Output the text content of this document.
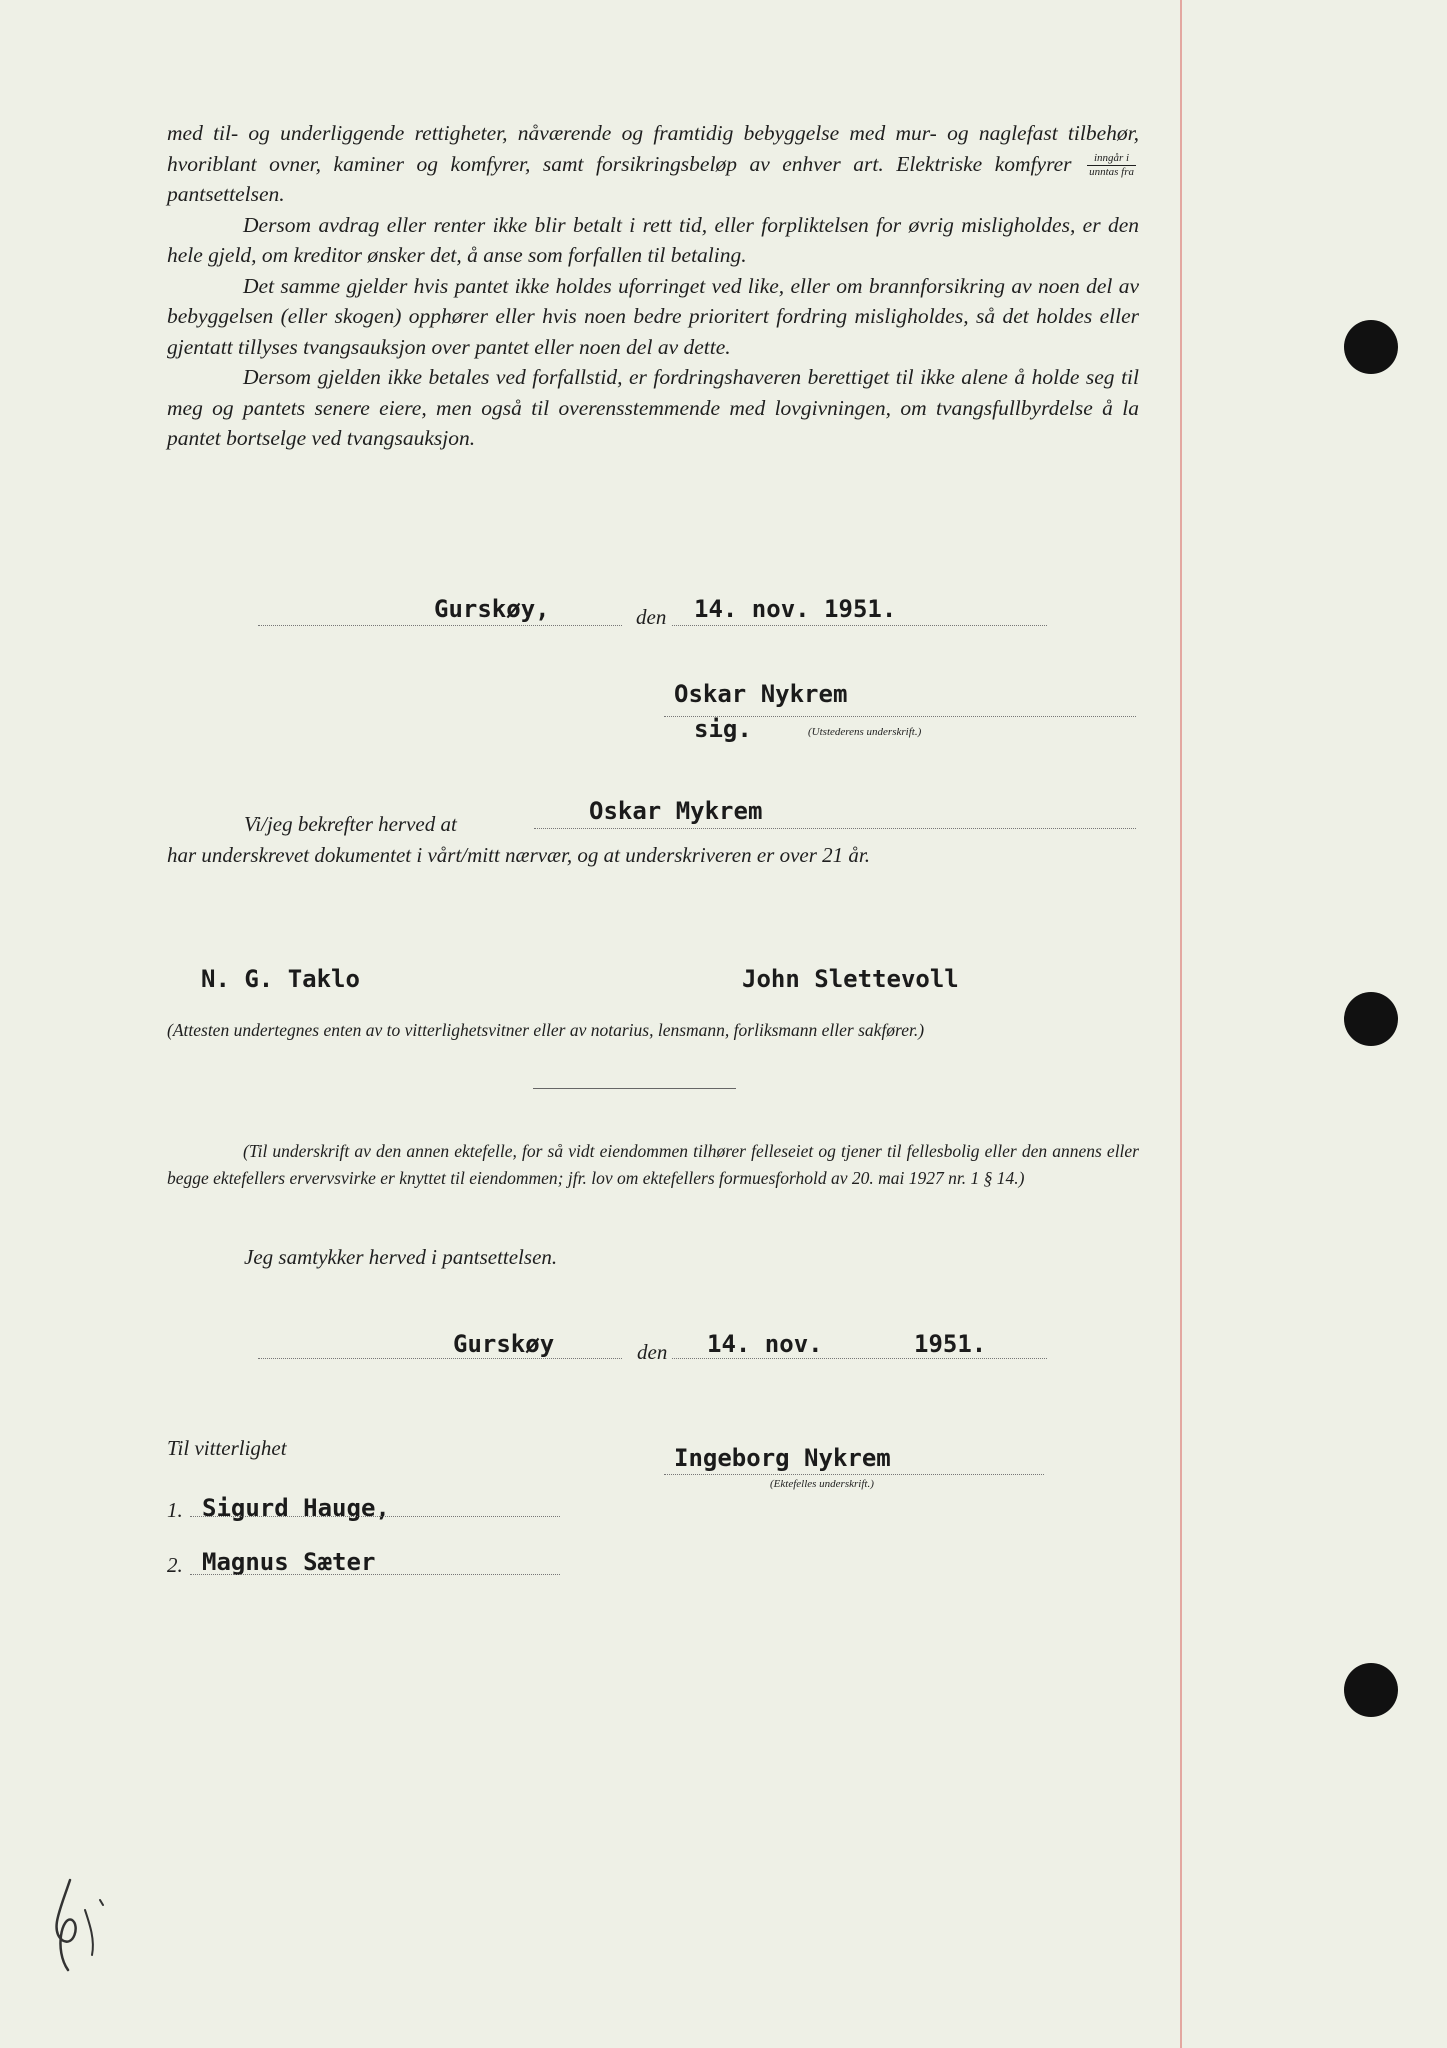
med til- og underliggende rettigheter, nåværende og framtidig bebyggelse med mur- og naglefast tilbehør, hvoriblant ovner, kaminer og komfyrer, samt forsikringsbeløp av enhver art. Elektriske komfyrer $\frac{\text{inngår i}}{\text{unntas fra}}$
pantsettelsen.

Dersom avdrag eller renter ikke blir betalt i rett tid, eller forpliktelsen for øvrig misligholdes, er den hele gjeld, om kreditor ønsker det, å anse som forfallen til betaling.

Det samme gjelder hvis pantet ikke holdes uforringet ved like, eller om brannforsikring av noen del av bebyggelsen (eller skogen) opphører eller hvis noen bedre prioritert fordring misligholdes, så det holdes eller gjentatt tillyses tvangsauksjon over pantet eller noen del av dette.

Dersom gjelden ikke betales ved forfallstid, er fordringshaveren berettiget til ikke alene å holde seg til meg og pantets senere eiere, men også til overensstemmende med lovgivningen, om tvangsfullbyrdelse å la pantet bortselge ved tvangsauksjon.

Gurskøy,	den 14. nov. 1951.
Oskar Nykrem
sig.	(Utstederens underskrift.)
Vi/jeg bekrefter herved at	Oskar Mykrem
har underskrevet dokumentet i vårt/mitt nærvær, og at underskriveren er over 21 år.
N. G. Taklo	John Slettevoll
(Attesten undertegnes enten av to vitterlighetsvitner eller av notarius, lensmann, forliksmann eller sakfører.)
(Til underskrift av den annen ektefelle, for så vidt eiendommen tilhører felleseiet og tjener til fellesbolig eller den annens eller begge ektefellers ervervsvirke er knyttet til eiendommen; jfr. lov om ektefellers formuesforhold av 20. mai 1927 nr. 1 § 14.)
Jeg samtykker herved i pantsettelsen.
Gurskøy	den 14. nov.	1951.
Til vitterlighet	Ingeborg Nykrem
(Ektefelles underskrift.)
1. Sigurd Hauge,
2. Magnus Sæter
